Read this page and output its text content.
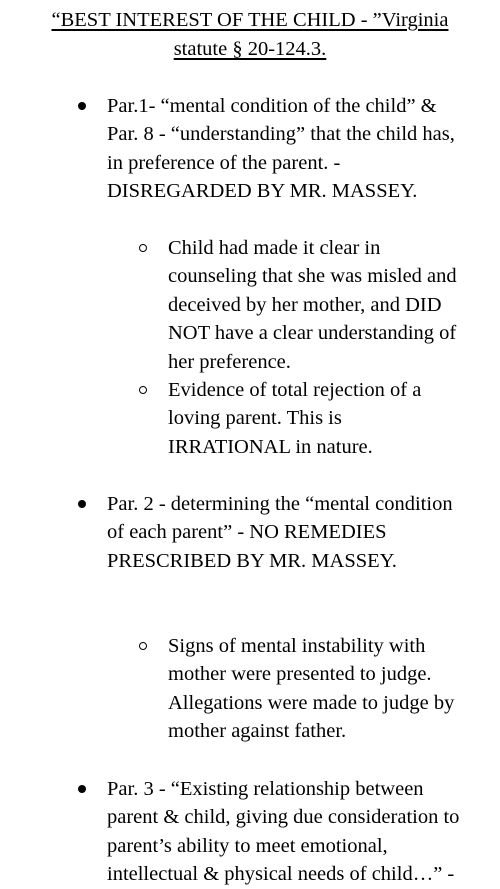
“BEST INTEREST OF THE CHILD - ”Virginia statute § 20-124.3.
Par.1- “mental condition of the child” & Par. 8 - “understanding” that the child has, in preference of the parent. - DISREGARDED BY MR. MASSEY.
Child had made it clear in counseling that she was misled and deceived by her mother, and DID NOT have a clear understanding of her preference.
Evidence of total rejection of a loving parent. This is IRRATIONAL in nature.
Par. 2 - determining the “mental condition of each parent” - NO REMEDIES PRESCRIBED BY MR. MASSEY.
Signs of mental instability with mother were presented to judge. Allegations were made to judge by mother against father.
Par. 3 - “Existing relationship between parent & child, giving due consideration to parent’s ability to meet emotional, intellectual & physical needs of child…” -
